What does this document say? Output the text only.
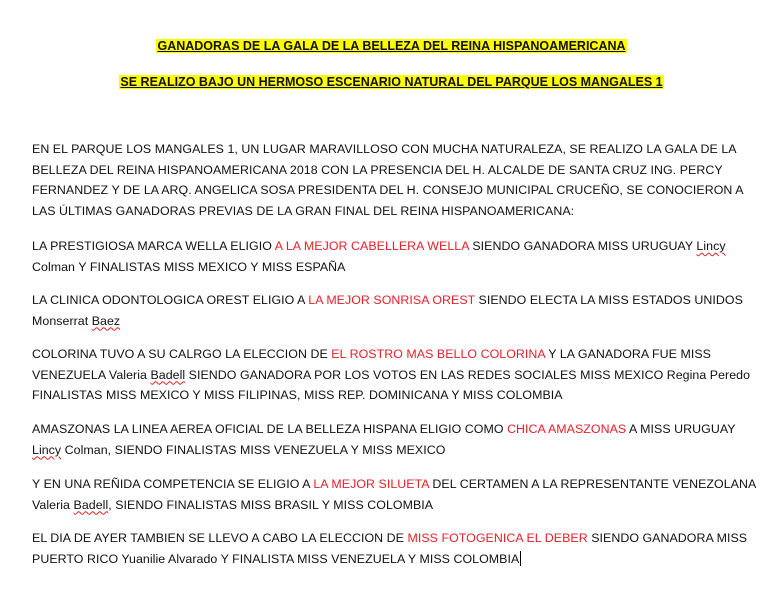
GANADORAS DE LA GALA DE LA BELLEZA DEL REINA HISPANOAMERICANA
SE REALIZO BAJO UN HERMOSO ESCENARIO NATURAL DEL PARQUE LOS MANGALES 1
EN EL PARQUE LOS MANGALES 1, UN LUGAR MARAVILLOSO CON MUCHA NATURALEZA, SE REALIZO LA GALA DE LA BELLEZA DEL REINA HISPANOAMERICANA 2018 CON LA PRESENCIA DEL H. ALCALDE DE SANTA CRUZ ING. PERCY FERNANDEZ Y DE LA ARQ. ANGELICA SOSA PRESIDENTA DEL H. CONSEJO MUNICIPAL CRUCEÑO, SE CONOCIERON A LAS ÚLTIMAS GANADORAS PREVIAS DE LA GRAN FINAL DEL REINA HISPANOAMERICANA:
LA PRESTIGIOSA MARCA WELLA ELIGIO A LA MEJOR CABELLERA WELLA SIENDO GANADORA MISS URUGUAY Lincy Colman Y FINALISTAS MISS MEXICO Y MISS ESPAÑA
LA CLINICA ODONTOLOGICA OREST ELIGIO A LA MEJOR SONRISA OREST SIENDO ELECTA LA MISS ESTADOS UNIDOS Monserrat Baez
COLORINA TUVO A SU CALRGO LA ELECCION DE EL ROSTRO MAS BELLO COLORINA Y LA GANADORA FUE MISS VENEZUELA Valeria Badell SIENDO GANADORA POR LOS VOTOS EN LAS REDES SOCIALES MISS MEXICO Regina Peredo FINALISTAS MISS MEXICO Y MISS FILIPINAS, MISS REP. DOMINICANA Y MISS COLOMBIA
AMASZONAS LA LINEA AEREA OFICIAL DE LA BELLEZA HISPANA ELIGIO COMO CHICA AMASZONAS A MISS URUGUAY Lincy Colman, SIENDO FINALISTAS MISS VENEZUELA Y MISS MEXICO
Y EN UNA REÑIDA COMPETENCIA SE ELIGIO A LA MEJOR SILUETA DEL CERTAMEN A LA REPRESENTANTE VENEZOLANA Valeria Badell, SIENDO FINALISTAS MISS BRASIL Y MISS COLOMBIA
EL DIA DE AYER TAMBIEN SE LLEVO A CABO LA ELECCION DE MISS FOTOGENICA EL DEBER SIENDO GANADORA MISS PUERTO RICO Yuanilie Alvarado Y FINALISTA MISS VENEZUELA Y MISS COLOMBIA
